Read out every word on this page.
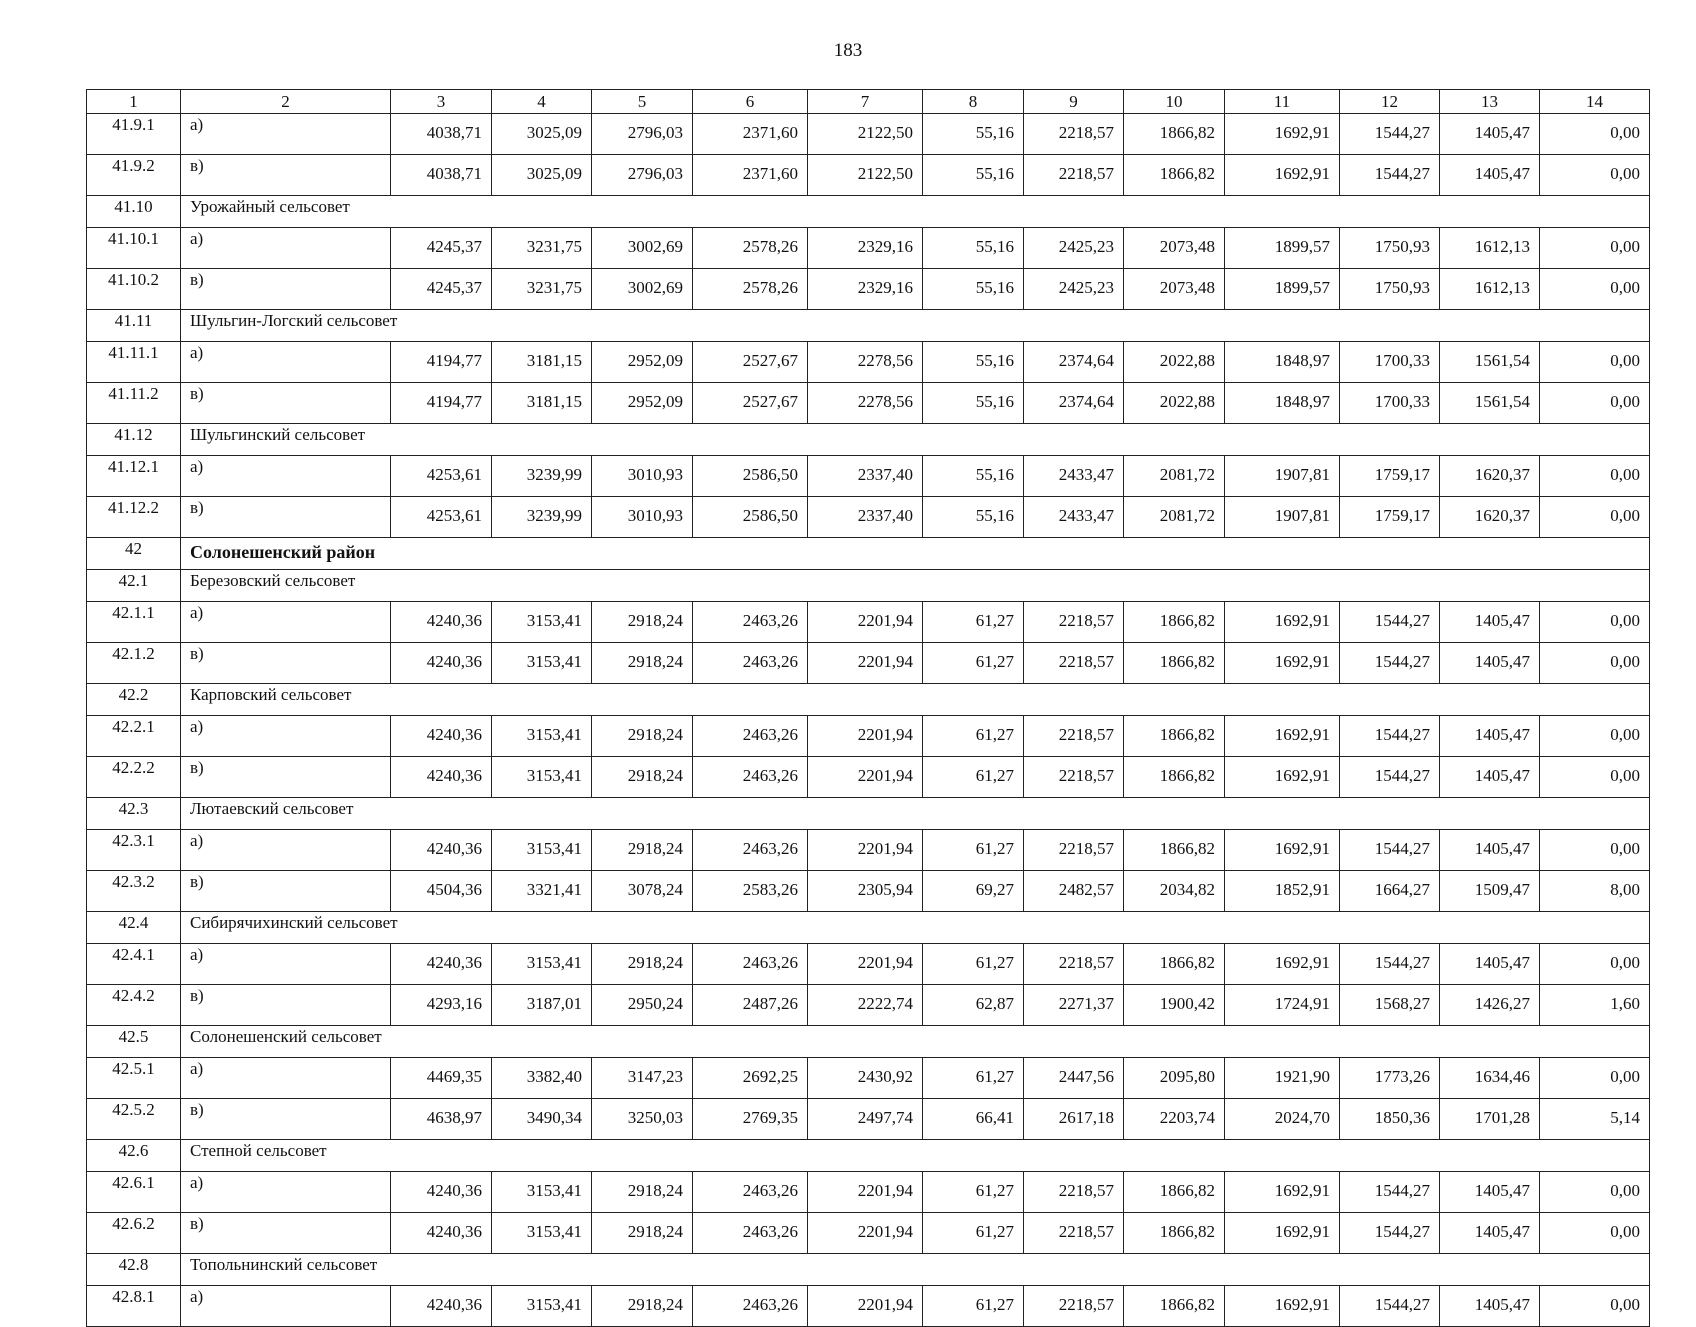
183
1	2	3	4	5	6	7	8	9	10	11	12	13	14
41.9.1	а)	4038,71	3025,09	2796,03	2371,60	2122,50	55,16	2218,57	1866,82	1692,91	1544,27	1405,47	0,00
41.9.2	в)	4038,71	3025,09	2796,03	2371,60	2122,50	55,16	2218,57	1866,82	1692,91	1544,27	1405,47	0,00
41.10	Урожайный сельсовет												
41.10.1	а)	4245,37	3231,75	3002,69	2578,26	2329,16	55,16	2425,23	2073,48	1899,57	1750,93	1612,13	0,00
41.10.2	в)	4245,37	3231,75	3002,69	2578,26	2329,16	55,16	2425,23	2073,48	1899,57	1750,93	1612,13	0,00
41.11	Шульгин-Логский сельсовет												
41.11.1	а)	4194,77	3181,15	2952,09	2527,67	2278,56	55,16	2374,64	2022,88	1848,97	1700,33	1561,54	0,00
41.11.2	в)	4194,77	3181,15	2952,09	2527,67	2278,56	55,16	2374,64	2022,88	1848,97	1700,33	1561,54	0,00
41.12	Шульгинский сельсовет												
41.12.1	а)	4253,61	3239,99	3010,93	2586,50	2337,40	55,16	2433,47	2081,72	1907,81	1759,17	1620,37	0,00
41.12.2	в)	4253,61	3239,99	3010,93	2586,50	2337,40	55,16	2433,47	2081,72	1907,81	1759,17	1620,37	0,00
42	Солонешенский район												
42.1	Березовский сельсовет												
42.1.1	а)	4240,36	3153,41	2918,24	2463,26	2201,94	61,27	2218,57	1866,82	1692,91	1544,27	1405,47	0,00
42.1.2	в)	4240,36	3153,41	2918,24	2463,26	2201,94	61,27	2218,57	1866,82	1692,91	1544,27	1405,47	0,00
42.2	Карповский сельсовет												
42.2.1	а)	4240,36	3153,41	2918,24	2463,26	2201,94	61,27	2218,57	1866,82	1692,91	1544,27	1405,47	0,00
42.2.2	в)	4240,36	3153,41	2918,24	2463,26	2201,94	61,27	2218,57	1866,82	1692,91	1544,27	1405,47	0,00
42.3	Лютаевский сельсовет												
42.3.1	а)	4240,36	3153,41	2918,24	2463,26	2201,94	61,27	2218,57	1866,82	1692,91	1544,27	1405,47	0,00
42.3.2	в)	4504,36	3321,41	3078,24	2583,26	2305,94	69,27	2482,57	2034,82	1852,91	1664,27	1509,47	8,00
42.4	Сибирячихинский сельсовет												
42.4.1	а)	4240,36	3153,41	2918,24	2463,26	2201,94	61,27	2218,57	1866,82	1692,91	1544,27	1405,47	0,00
42.4.2	в)	4293,16	3187,01	2950,24	2487,26	2222,74	62,87	2271,37	1900,42	1724,91	1568,27	1426,27	1,60
42.5	Солонешенский сельсовет												
42.5.1	а)	4469,35	3382,40	3147,23	2692,25	2430,92	61,27	2447,56	2095,80	1921,90	1773,26	1634,46	0,00
42.5.2	в)	4638,97	3490,34	3250,03	2769,35	2497,74	66,41	2617,18	2203,74	2024,70	1850,36	1701,28	5,14
42.6	Степной сельсовет												
42.6.1	а)	4240,36	3153,41	2918,24	2463,26	2201,94	61,27	2218,57	1866,82	1692,91	1544,27	1405,47	0,00
42.6.2	в)	4240,36	3153,41	2918,24	2463,26	2201,94	61,27	2218,57	1866,82	1692,91	1544,27	1405,47	0,00
42.8	Топольнинский сельсовет												
42.8.1	а)	4240,36	3153,41	2918,24	2463,26	2201,94	61,27	2218,57	1866,82	1692,91	1544,27	1405,47	0,00
